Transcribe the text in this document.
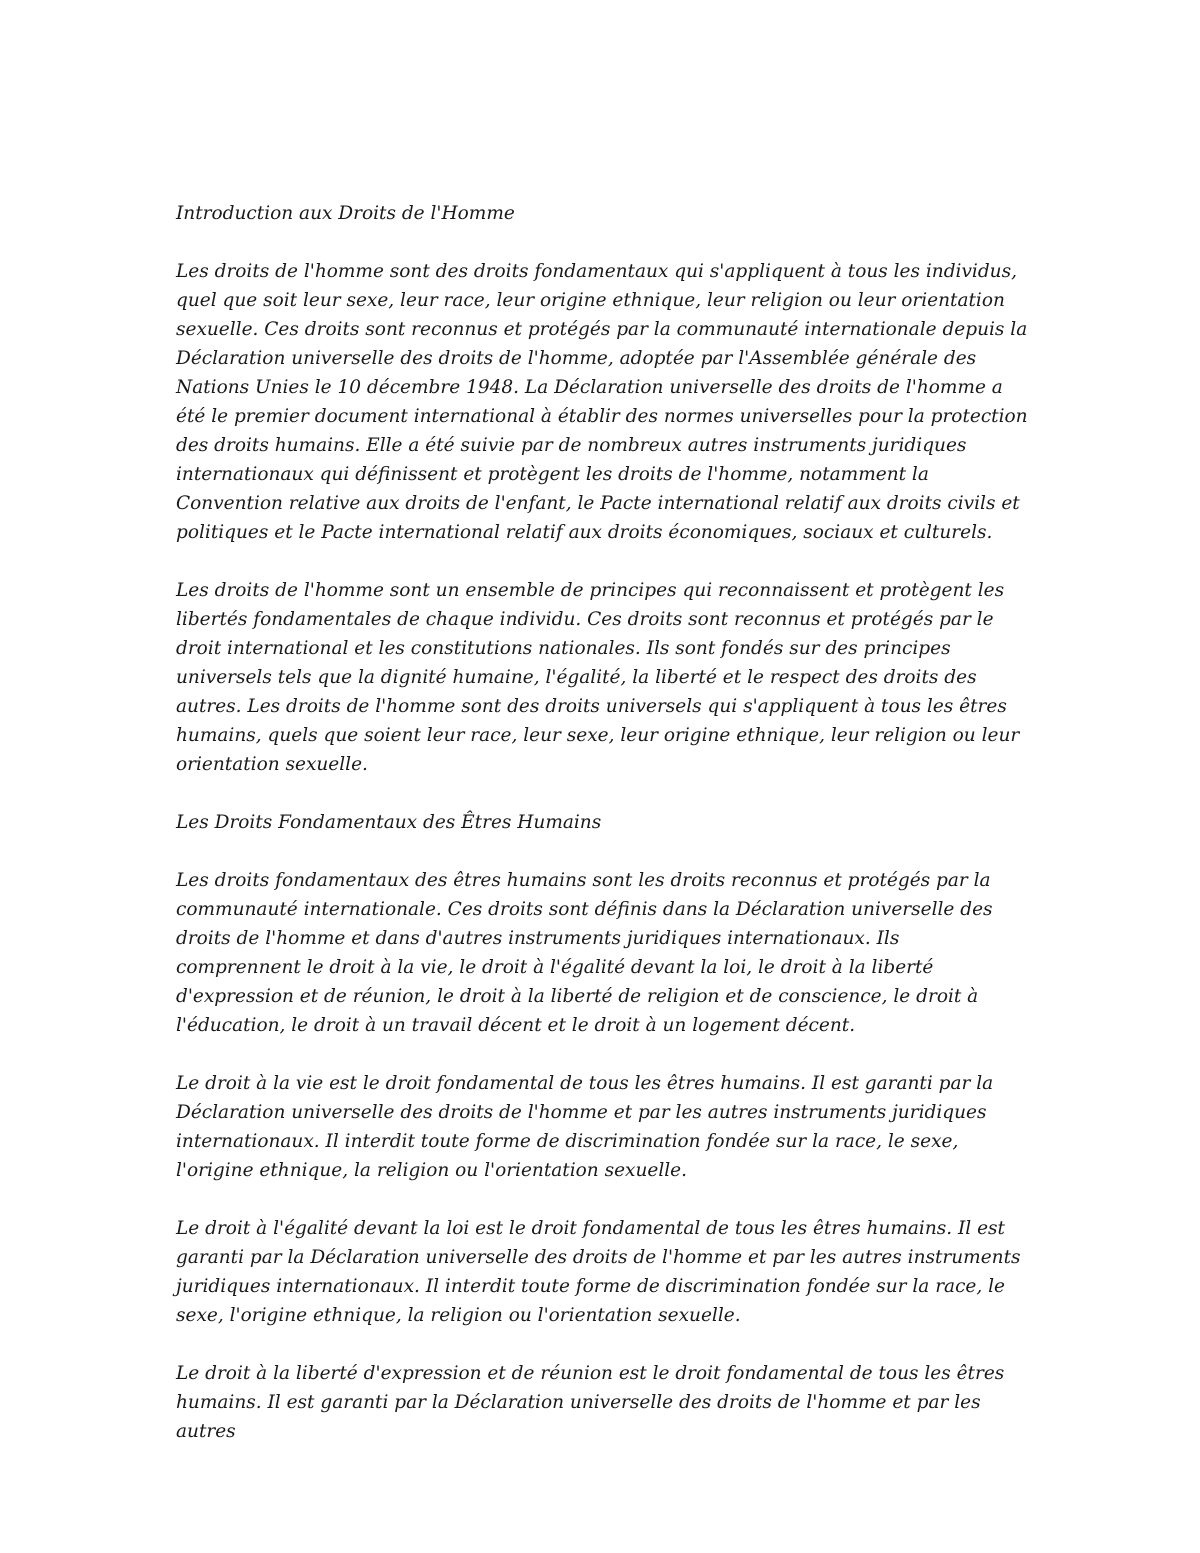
Introduction aux Droits de l'Homme

Les droits de l'homme sont des droits fondamentaux qui s'appliquent à tous les individus, quel que soit leur sexe, leur race, leur origine ethnique, leur religion ou leur orientation sexuelle. Ces droits sont reconnus et protégés par la communauté internationale depuis la Déclaration universelle des droits de l'homme, adoptée par l'Assemblée générale des Nations Unies le 10 décembre 1948. La Déclaration universelle des droits de l'homme a été le premier document international à établir des normes universelles pour la protection des droits humains. Elle a été suivie par de nombreux autres instruments juridiques internationaux qui définissent et protègent les droits de l'homme, notamment la Convention relative aux droits de l'enfant, le Pacte international relatif aux droits civils et politiques et le Pacte international relatif aux droits économiques, sociaux et culturels.

Les droits de l'homme sont un ensemble de principes qui reconnaissent et protègent les libertés fondamentales de chaque individu. Ces droits sont reconnus et protégés par le droit international et les constitutions nationales. Ils sont fondés sur des principes universels tels que la dignité humaine, l'égalité, la liberté et le respect des droits des autres. Les droits de l'homme sont des droits universels qui s'appliquent à tous les êtres humains, quels que soient leur race, leur sexe, leur origine ethnique, leur religion ou leur orientation sexuelle.

Les Droits Fondamentaux des Êtres Humains

Les droits fondamentaux des êtres humains sont les droits reconnus et protégés par la communauté internationale. Ces droits sont définis dans la Déclaration universelle des droits de l'homme et dans d'autres instruments juridiques internationaux. Ils comprennent le droit à la vie, le droit à l'égalité devant la loi, le droit à la liberté d'expression et de réunion, le droit à la liberté de religion et de conscience, le droit à l'éducation, le droit à un travail décent et le droit à un logement décent.

Le droit à la vie est le droit fondamental de tous les êtres humains. Il est garanti par la Déclaration universelle des droits de l'homme et par les autres instruments juridiques internationaux. Il interdit toute forme de discrimination fondée sur la race, le sexe, l'origine ethnique, la religion ou l'orientation sexuelle.

Le droit à l'égalité devant la loi est le droit fondamental de tous les êtres humains. Il est garanti par la Déclaration universelle des droits de l'homme et par les autres instruments juridiques internationaux. Il interdit toute forme de discrimination fondée sur la race, le sexe, l'origine ethnique, la religion ou l'orientation sexuelle.

Le droit à la liberté d'expression et de réunion est le droit fondamental de tous les êtres humains. Il est garanti par la Déclaration universelle des droits de l'homme et par les autres
